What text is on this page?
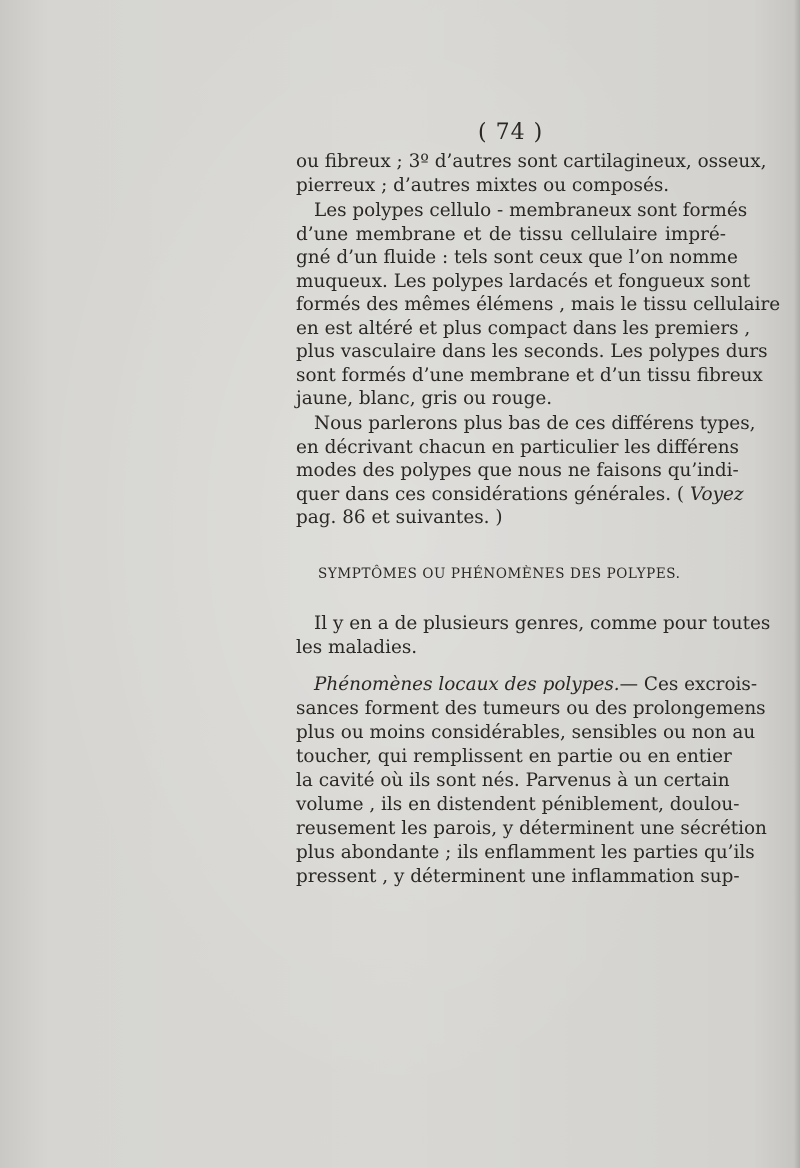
( 74 )
ou fibreux ; 3º d’autres sont cartilagineux, osseux,
pierreux ; d’autres mixtes ou composés.
Les polypes cellulo - membraneux sont formés
d’une membrane et de tissu cellulaire impré-
gné d’un fluide : tels sont ceux que l’on nomme
muqueux. Les polypes lardacés et fongueux sont
formés des mêmes élémens , mais le tissu cellulaire
en est altéré et plus compact dans les premiers ,
plus vasculaire dans les seconds. Les polypes durs
sont formés d’une membrane et d’un tissu fibreux
jaune, blanc, gris ou rouge.
Nous parlerons plus bas de ces différens types,
en décrivant chacun en particulier les différens
modes des polypes que nous ne faisons qu’indi-
quer dans ces considérations générales. ( Voyez
pag. 86 et suivantes. )
SYMPTÔMES OU PHÉNOMÈNES DES POLYPES.
Il y en a de plusieurs genres, comme pour toutes
les maladies.
Phénomènes locaux des polypes.— Ces excrois-
sances forment des tumeurs ou des prolongemens
plus ou moins considérables, sensibles ou non au
toucher, qui remplissent en partie ou en entier
la cavité où ils sont nés. Parvenus à un certain
volume , ils en distendent péniblement, doulou-
reusement les parois, y déterminent une sécrétion
plus abondante ; ils enflamment les parties qu’ils
pressent , y déterminent une inflammation sup-
